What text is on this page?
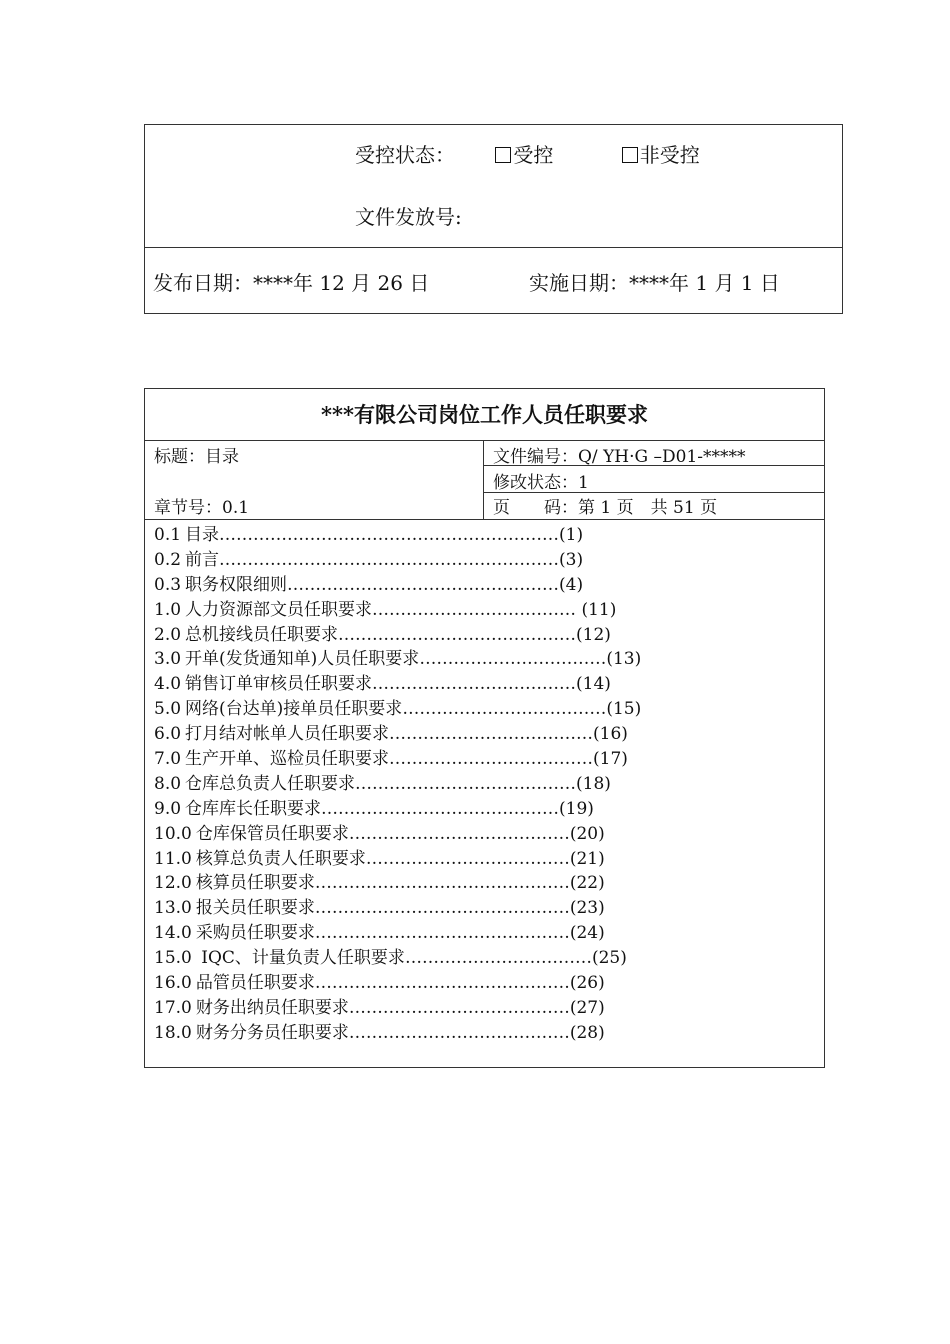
受控状态：	受控	非受控
文件发放号:
发布日期：****年 12 月 26 日	实施日期：****年 1 月 1 日
***有限公司岗位工作人员任职要求
标题：目录
章节号：0.1
文件编号：Q/ YH·G –D01-*****
修改状态：1
页　　码：第 1 页　共 51 页
0.1 目录……………………………………………………(1)
0.2 前言……………………………………………………(3)
0.3 职务权限细则…………………………………………(4)
1.0 人力资源部文员任职要求……………………………… (11)
2.0 总机接线员任职要求……………………………………(12)
3.0 开单(发货通知单)人员任职要求……………………………(13)
4.0 销售订单审核员任职要求………………………………(14)
5.0 网络(台达单)接单员任职要求………………………………(15)
6.0 打月结对帐单人员任职要求………………………………(16)
7.0 生产开单、巡检员任职要求………………………………(17)
8.0 仓库总负责人任职要求…………………………………(18)
9.0 仓库库长任职要求……………………………………(19)
10.0 仓库保管员任职要求…………………………………(20)
11.0 核算总负责人任职要求………………………………(21)
12.0 核算员任职要求………………………………………(22)
13.0 报关员任职要求………………………………………(23)
14.0 采购员任职要求………………………………………(24)
15.0 IQC、计量负责人任职要求……………………………(25)
16.0 品管员任职要求………………………………………(26)
17.0 财务出纳员任职要求…………………………………(27)
18.0 财务分务员任职要求…………………………………(28)
